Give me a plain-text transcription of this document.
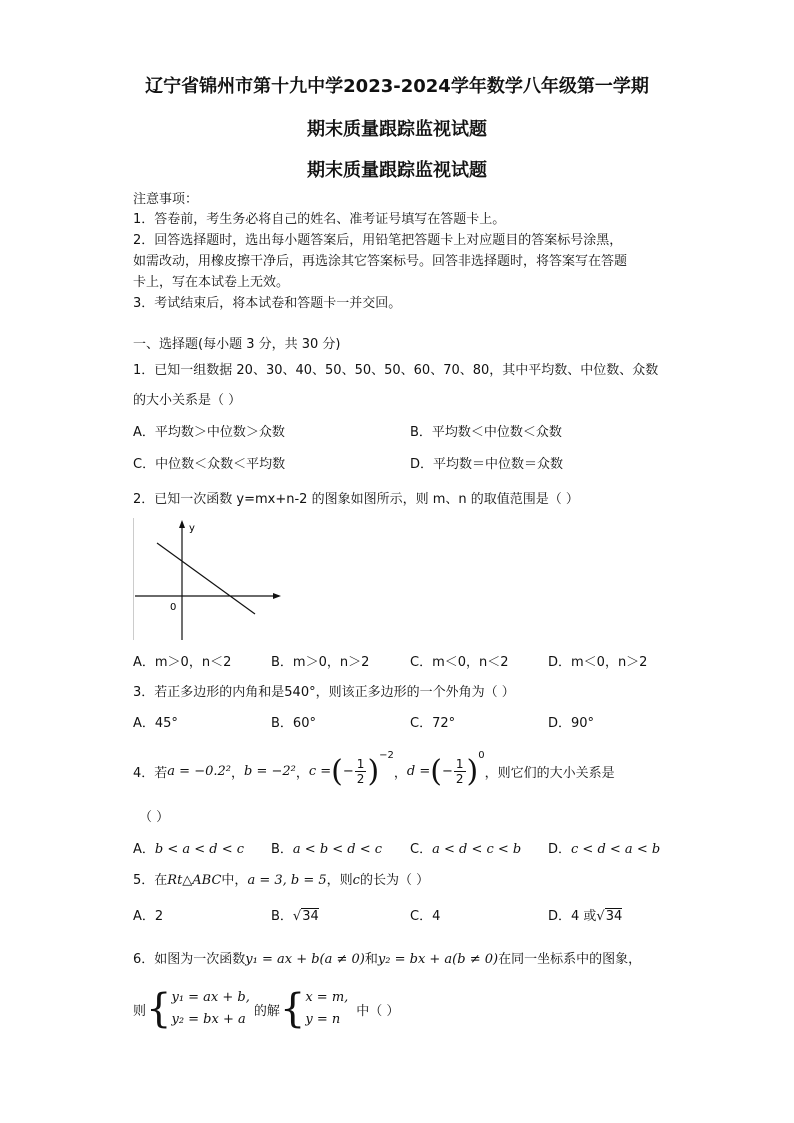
辽宁省锦州市第十九中学2023-2024学年数学八年级第一学期
期末质量跟踪监视试题
期末质量跟踪监视试题
注意事项：
1．答卷前，考生务必将自己的姓名、准考证号填写在答题卡上。
2．回答选择题时，选出每小题答案后，用铅笔把答题卡上对应题目的答案标号涂黑，
如需改动，用橡皮擦干净后，再选涂其它答案标号。回答非选择题时，将答案写在答题
卡上，写在本试卷上无效。
3．考试结束后，将本试卷和答题卡一并交回。
一、选择题(每小题 3 分，共 30 分)
1．已知一组数据 20、30、40、50、50、50、60、70、80，其中平均数、中位数、众数
的大小关系是（ ）
A．平均数＞中位数＞众数	B．平均数＜中位数＜众数
C．中位数＜众数＜平均数	D．平均数＝中位数＝众数
2．已知一次函数 y=mx+n-2 的图象如图所示，则 m、n 的取值范围是（ ）
y
0
A．m＞0，n＜2	B．m＞0，n＞2	C．m＜0，n＜2	D．m＜0，n＞2
3．若正多边形的内角和是540°，则该正多边形的一个外角为（ ）
A．45°	B．60°	C．72°	D．90°
4．若 a = −0.2² ， b = −2² ， c = ( − $\frac{1}{2} )^{-2}$
， d = ( − $\frac{1}{2} )^0$
，则它们的大小关系是
（ ）
A．b < a < d < c B．a < b < d < c C．a < d < c < b D．c < d < a < b
5．在Rt△ABC中，a = 3, b = 5，则c的长为（ ）
A．2	B．√34	C．4	D．4 或√34
6．如图为一次函数y₁ = ax + b(a ≠ 0)和y₂ = bx + a(b ≠ 0)在同一坐标系中的图象，
则 { y₁ = ax + b,
y₂ = bx + a
的解 { x = m,
y = n
中（ ）
